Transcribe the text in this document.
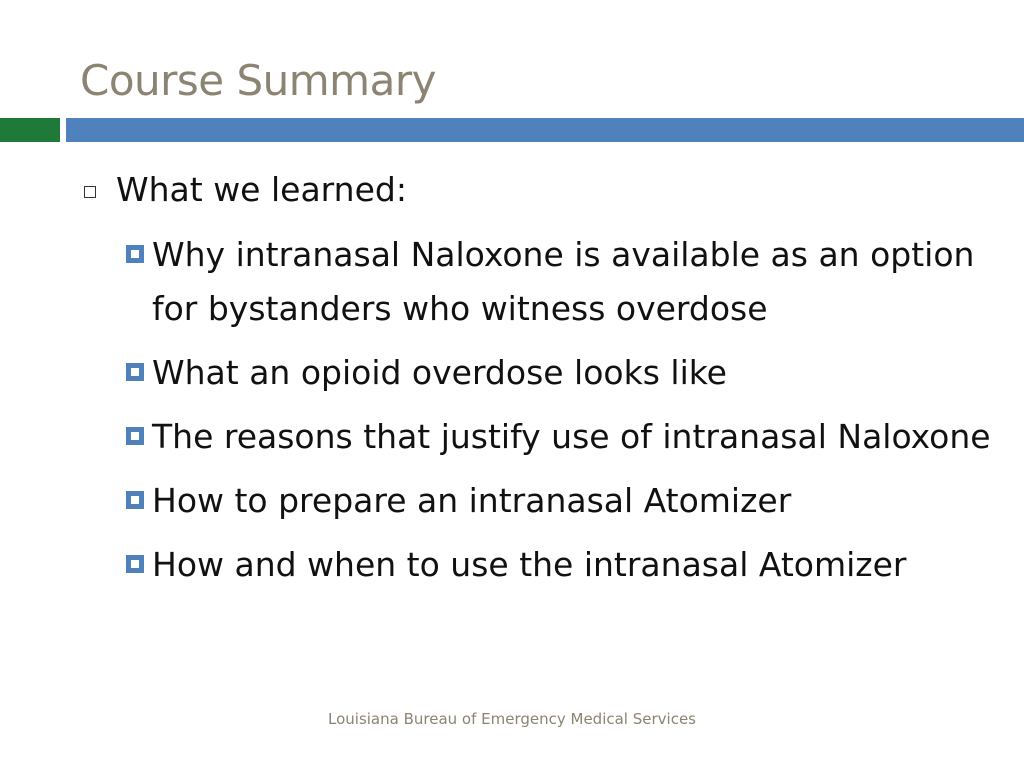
Course Summary
What we learned:
Why intranasal Naloxone is available as an option for bystanders who witness overdose
What an opioid overdose looks like
The reasons that justify use of intranasal Naloxone
How to prepare an intranasal Atomizer
How and when to use the intranasal Atomizer
Louisiana Bureau of Emergency Medical Services
